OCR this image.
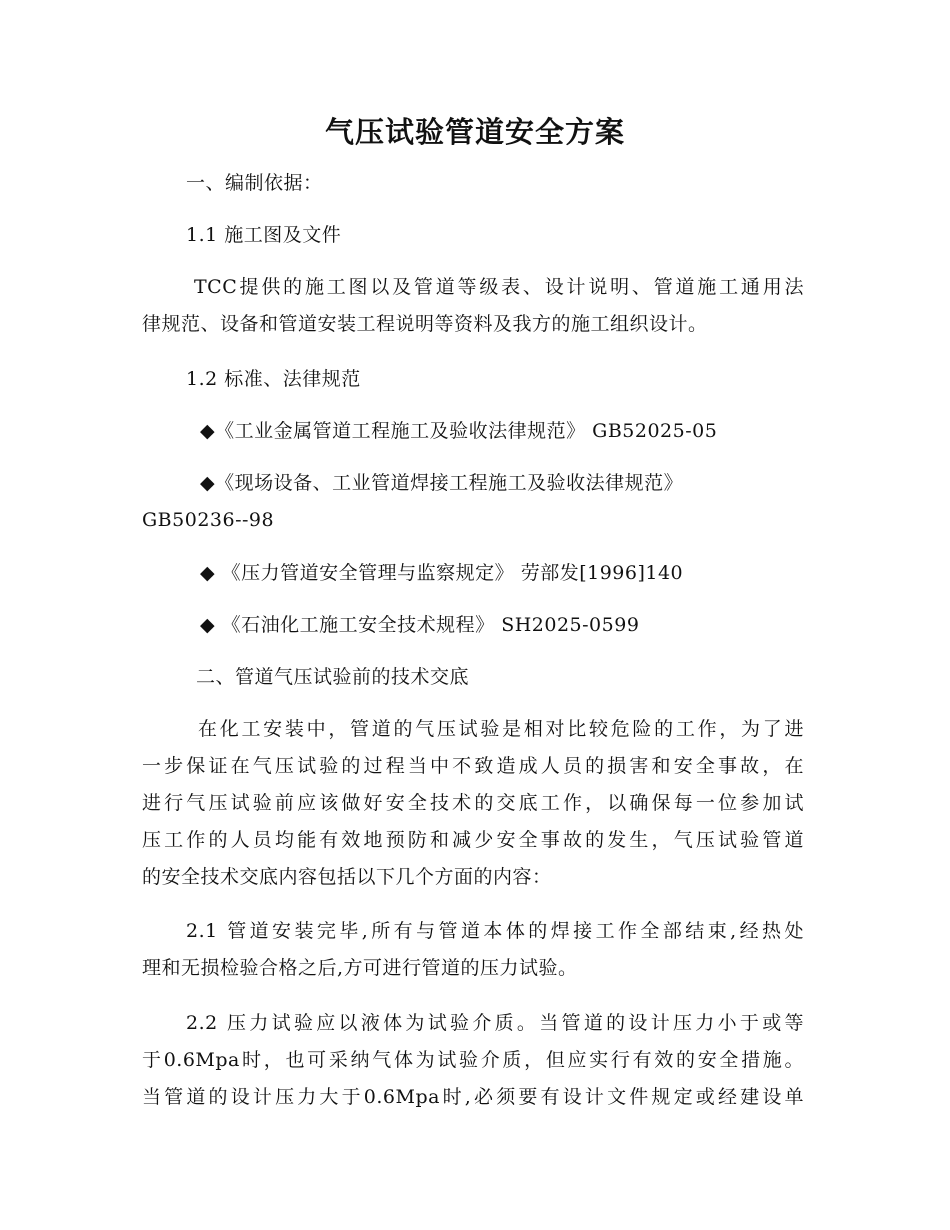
气压试验管道安全方案
一、编制依据：
1.1 施工图及文件
TCC提供的施工图以及管道等级表、设计说明、管道施工通用法
律规范、设备和管道安装工程说明等资料及我方的施工组织设计。
1.2 标准、法律规范
◆《工业金属管道工程施工及验收法律规范》 GB52025-05
◆《现场设备、工业管道焊接工程施工及验收法律规范》
GB50236--98
◆ 《压力管道安全管理与监察规定》 劳部发[1996]140
◆ 《石油化工施工安全技术规程》 SH2025-0599
二、管道气压试验前的技术交底
在化工安装中，管道的气压试验是相对比较危险的工作，为了进
一步保证在气压试验的过程当中不致造成人员的损害和安全事故，在
进行气压试验前应该做好安全技术的交底工作，以确保每一位参加试
压工作的人员均能有效地预防和减少安全事故的发生，气压试验管道
的安全技术交底内容包括以下几个方面的内容：
2.1 管道安装完毕,所有与管道本体的焊接工作全部结束,经热处
理和无损检验合格之后,方可进行管道的压力试验。
2.2 压力试验应以液体为试验介质。当管道的设计压力小于或等
于0.6Mpa时，也可采纳气体为试验介质，但应实行有效的安全措施。
当管道的设计压力大于0.6Mpa时,必须要有设计文件规定或经建设单
